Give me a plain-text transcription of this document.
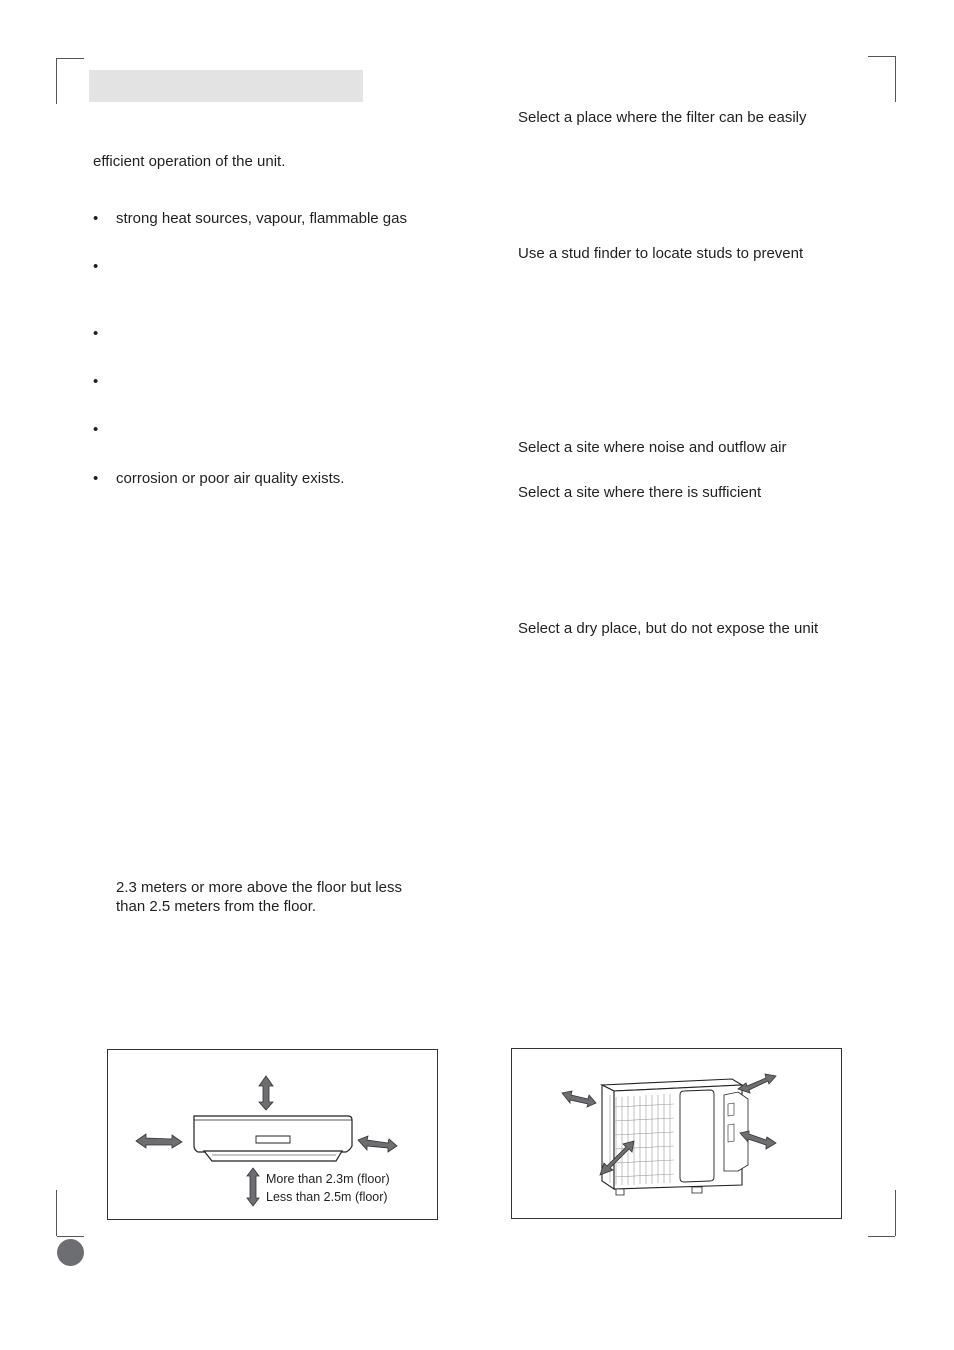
efficient operation of the unit.
• strong heat sources, vapour, flammable gas
•
•
•
•
• corrosion or poor air quality exists.
2.3 meters or more above the floor but less
than 2.5 meters from the floor.
Select a place where the filter can be easily
Use a stud finder to locate studs to prevent
Select a site where noise and outflow air
Select a site where there is sufficient
Select a dry place, but do not expose the unit
More than 2.3m (floor)
Less than 2.5m (floor)
